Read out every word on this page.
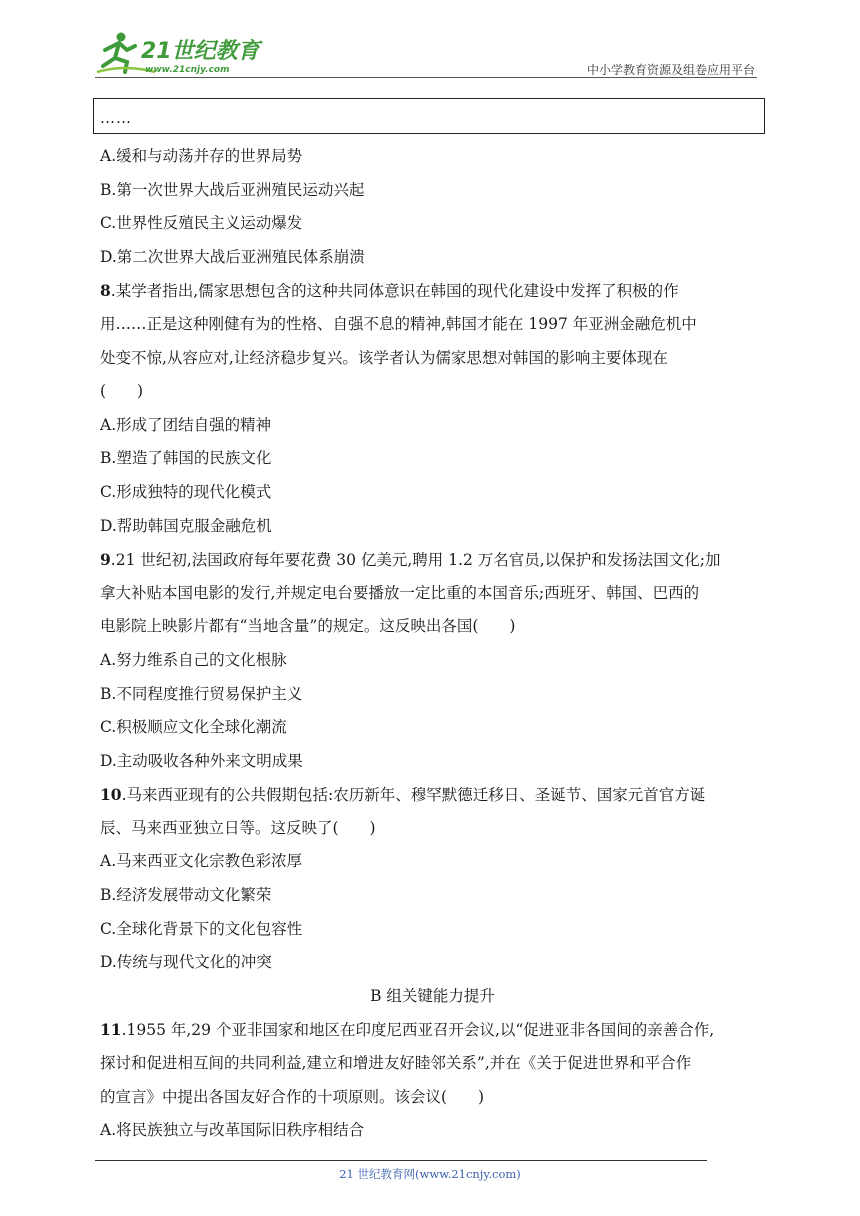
21世纪教育
www.21cnjy.com	中小学教育资源及组卷应用平台
……
A.缓和与动荡并存的世界局势
B.第一次世界大战后亚洲殖民运动兴起
C.世界性反殖民主义运动爆发
D.第二次世界大战后亚洲殖民体系崩溃
8.某学者指出,儒家思想包含的这种共同体意识在韩国的现代化建设中发挥了积极的作
用……正是这种刚健有为的性格、自强不息的精神,韩国才能在 1997 年亚洲金融危机中
处变不惊,从容应对,让经济稳步复兴。该学者认为儒家思想对韩国的影响主要体现在
(　　)
A.形成了团结自强的精神
B.塑造了韩国的民族文化
C.形成独特的现代化模式
D.帮助韩国克服金融危机
9.21 世纪初,法国政府每年要花费 30 亿美元,聘用 1.2 万名官员,以保护和发扬法国文化;加
拿大补贴本国电影的发行,并规定电台要播放一定比重的本国音乐;西班牙、韩国、巴西的
电影院上映影片都有“当地含量”的规定。这反映出各国(　　)
A.努力维系自己的文化根脉
B.不同程度推行贸易保护主义
C.积极顺应文化全球化潮流
D.主动吸收各种外来文明成果
10.马来西亚现有的公共假期包括:农历新年、穆罕默德迁移日、圣诞节、国家元首官方诞
辰、马来西亚独立日等。这反映了(　　)
A.马来西亚文化宗教色彩浓厚
B.经济发展带动文化繁荣
C.全球化背景下的文化包容性
D.传统与现代文化的冲突
B 组关键能力提升
11.1955 年,29 个亚非国家和地区在印度尼西亚召开会议,以“促进亚非各国间的亲善合作,
探讨和促进相互间的共同利益,建立和增进友好睦邻关系”,并在《关于促进世界和平合作
的宣言》中提出各国友好合作的十项原则。该会议(　　)
A.将民族独立与改革国际旧秩序相结合
21 世纪教育网(www.21cnjy.com)
